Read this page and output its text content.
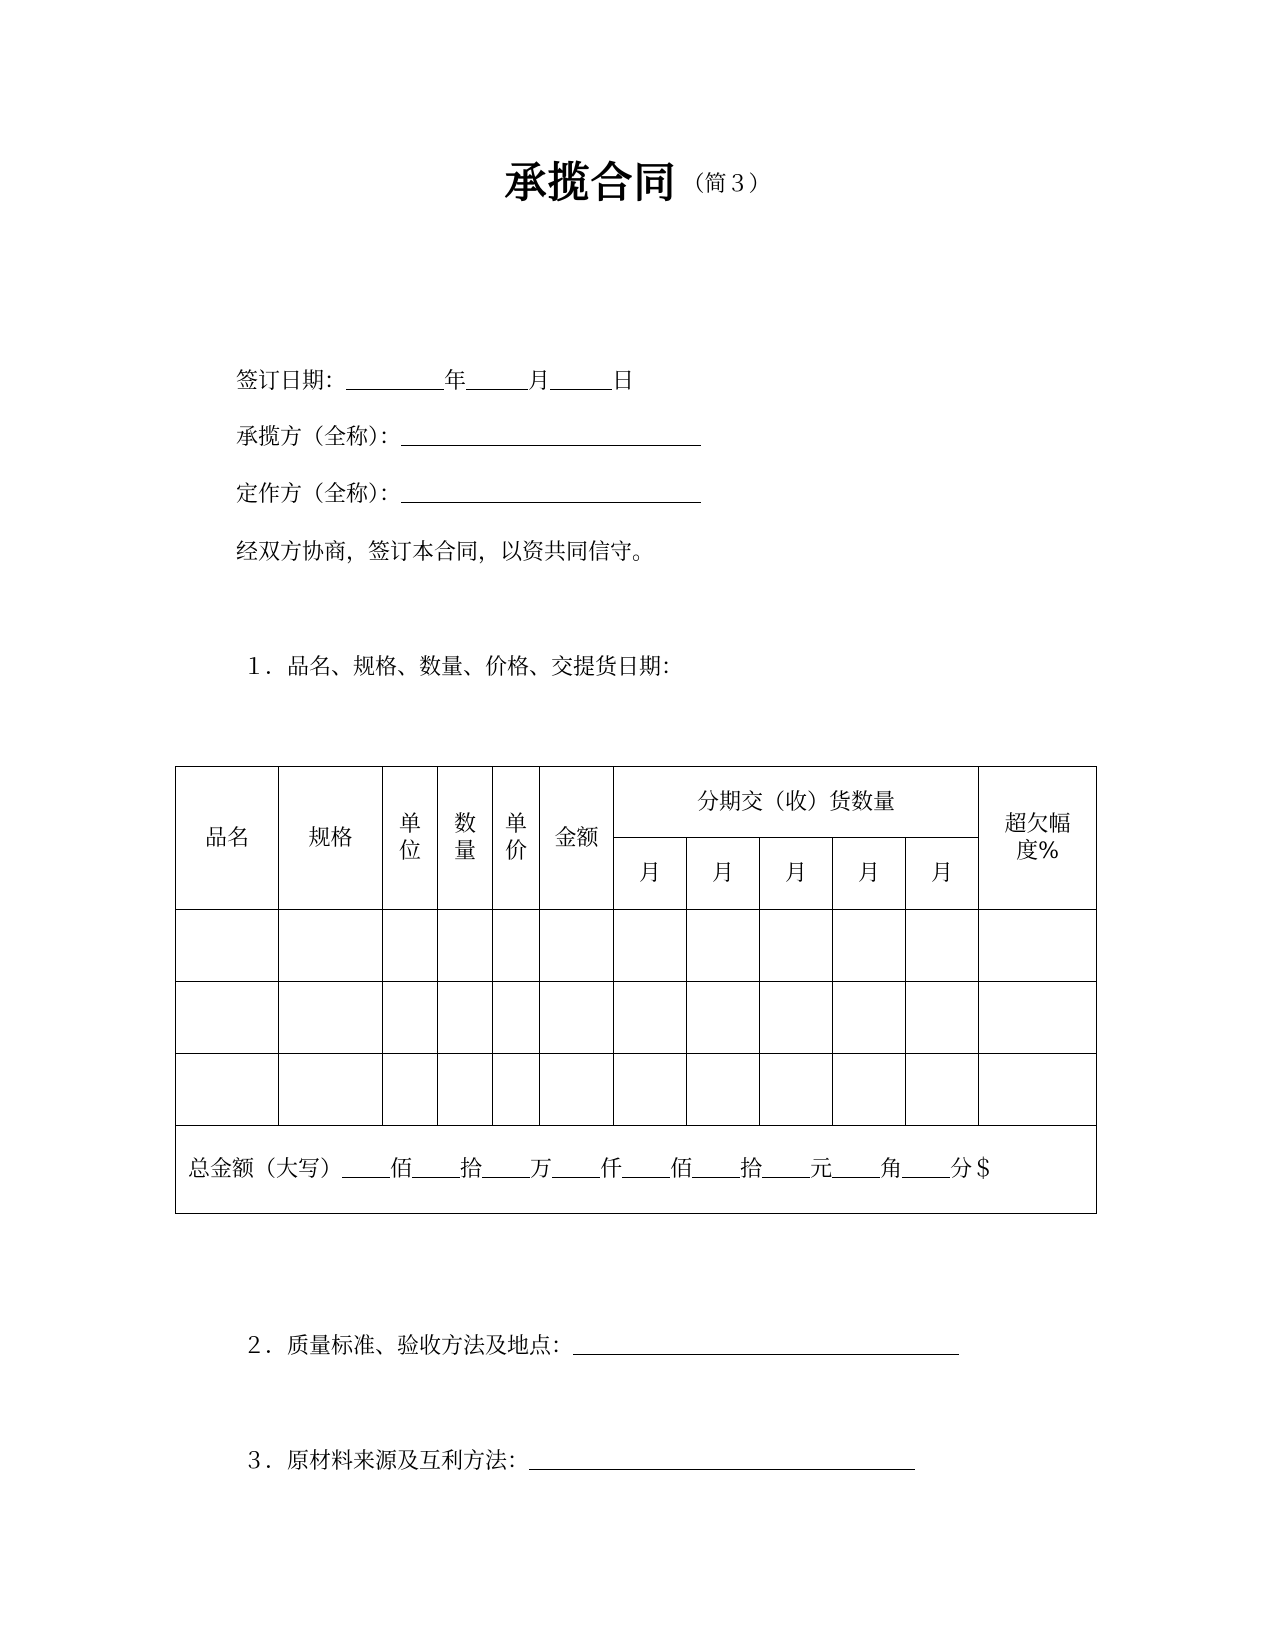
承揽合同 （简３）
签订日期：	年	月	日
承揽方（全称）：
定作方（全称）：
经双方协商，签订本合同，以资共同信守。
１．品名、规格、数量、价格、交提货日期：
品名	规格	单位	数量	单价	金额	分期交（收）货数量					超欠幅度%
						月	月	月	月	月	

总金额（大写） 佰 拾 万 仟 佰 拾 元 角 分＄											
２．质量标准、验收方法及地点：
３．原材料来源及互利方法：
